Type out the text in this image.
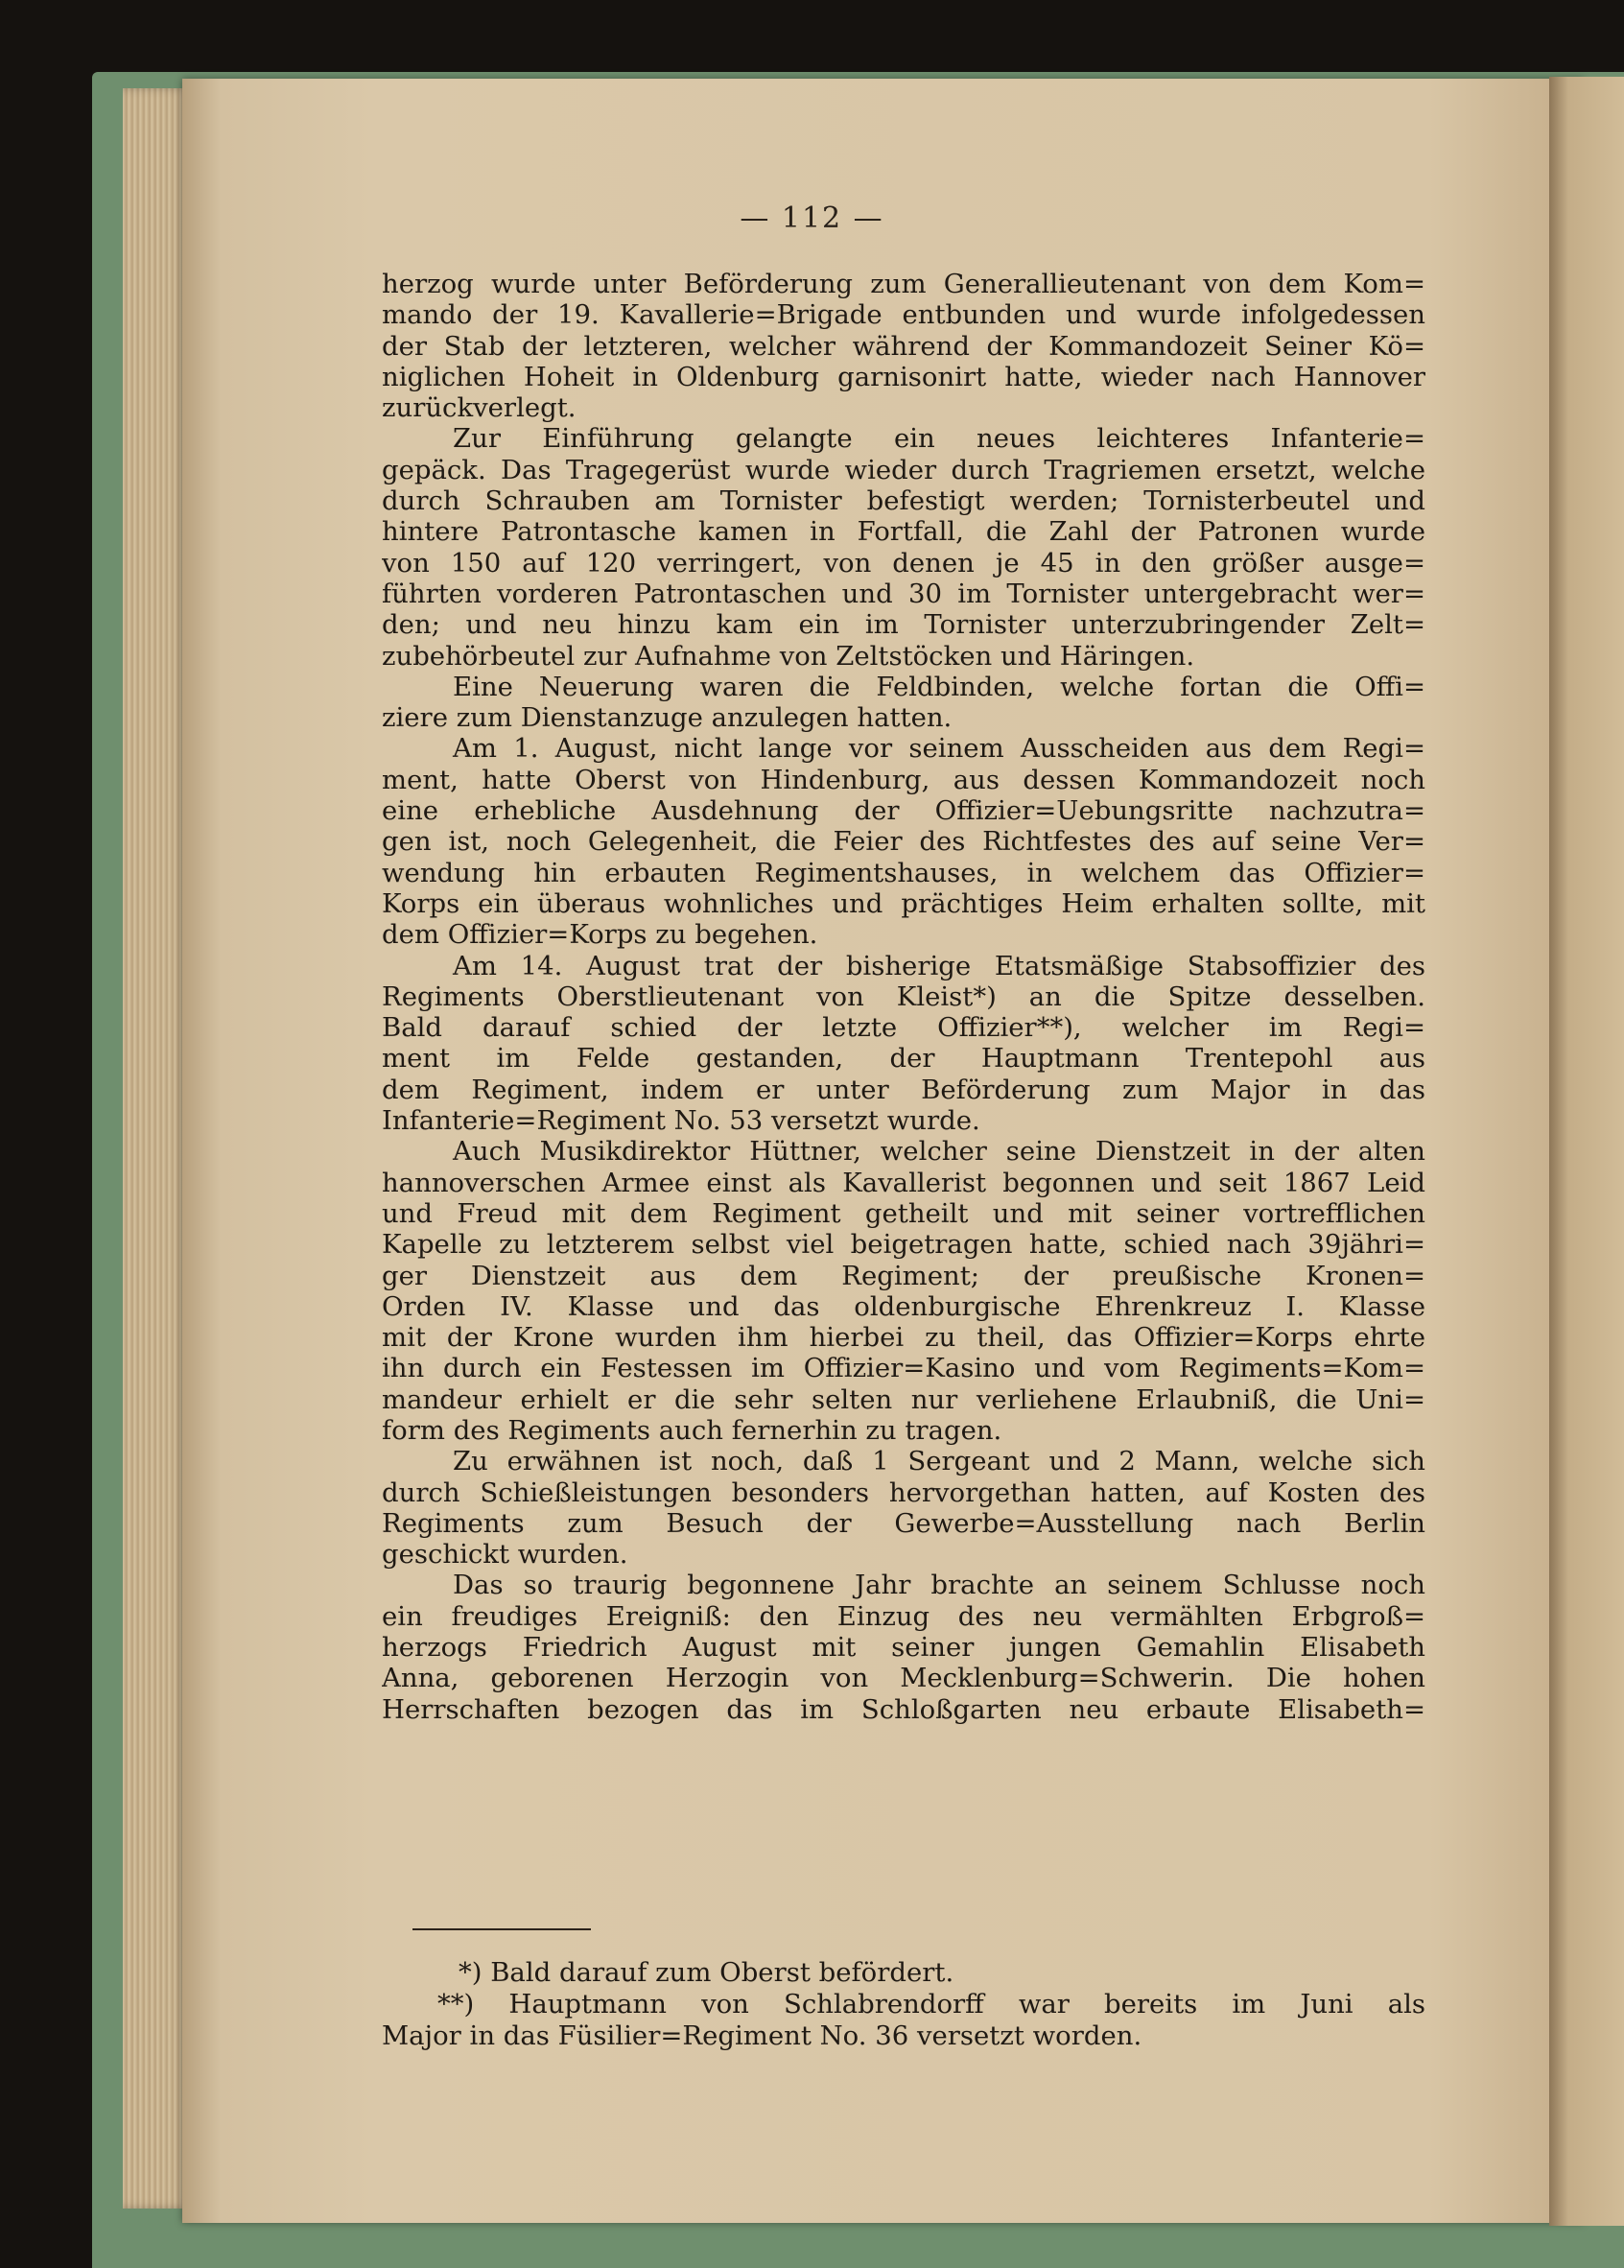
— 112 —
herzog wurde unter Beförderung zum Generallieutenant von dem Kom=
mando der 19. Kavallerie=Brigade entbunden und wurde infolgedessen
der Stab der letzteren, welcher während der Kommandozeit Seiner Kö=
niglichen Hoheit in Oldenburg garnisonirt hatte, wieder nach Hannover
zurückverlegt.
Zur Einführung gelangte ein neues leichteres Infanterie=
gepäck. Das Tragegerüst wurde wieder durch Tragriemen ersetzt, welche
durch Schrauben am Tornister befestigt werden; Tornisterbeutel und
hintere Patrontasche kamen in Fortfall, die Zahl der Patronen wurde
von 150 auf 120 verringert, von denen je 45 in den größer ausge=
führten vorderen Patrontaschen und 30 im Tornister untergebracht wer=
den; und neu hinzu kam ein im Tornister unterzubringender Zelt=
zubehörbeutel zur Aufnahme von Zeltstöcken und Häringen.
Eine Neuerung waren die Feldbinden, welche fortan die Offi=
ziere zum Dienstanzuge anzulegen hatten.
Am 1. August, nicht lange vor seinem Ausscheiden aus dem Regi=
ment, hatte Oberst von Hindenburg, aus dessen Kommandozeit noch
eine erhebliche Ausdehnung der Offizier=Uebungsritte nachzutra=
gen ist, noch Gelegenheit, die Feier des Richtfestes des auf seine Ver=
wendung hin erbauten Regimentshauses, in welchem das Offizier=
Korps ein überaus wohnliches und prächtiges Heim erhalten sollte, mit
dem Offizier=Korps zu begehen.
Am 14. August trat der bisherige Etatsmäßige Stabsoffizier des
Regiments Oberstlieutenant von Kleist*) an die Spitze desselben.
Bald darauf schied der letzte Offizier**), welcher im Regi=
ment im Felde gestanden, der Hauptmann Trentepohl aus
dem Regiment, indem er unter Beförderung zum Major in das
Infanterie=Regiment No. 53 versetzt wurde.
Auch Musikdirektor Hüttner, welcher seine Dienstzeit in der alten
hannoverschen Armee einst als Kavallerist begonnen und seit 1867 Leid
und Freud mit dem Regiment getheilt und mit seiner vortrefflichen
Kapelle zu letzterem selbst viel beigetragen hatte, schied nach 39jähri=
ger Dienstzeit aus dem Regiment; der preußische Kronen=
Orden IV. Klasse und das oldenburgische Ehrenkreuz I. Klasse
mit der Krone wurden ihm hierbei zu theil, das Offizier=Korps ehrte
ihn durch ein Festessen im Offizier=Kasino und vom Regiments=Kom=
mandeur erhielt er die sehr selten nur verliehene Erlaubniß, die Uni=
form des Regiments auch fernerhin zu tragen.
Zu erwähnen ist noch, daß 1 Sergeant und 2 Mann, welche sich
durch Schießleistungen besonders hervorgethan hatten, auf Kosten des
Regiments zum Besuch der Gewerbe=Ausstellung nach Berlin
geschickt wurden.
Das so traurig begonnene Jahr brachte an seinem Schlusse noch
ein freudiges Ereigniß: den Einzug des neu vermählten Erbgroß=
herzogs Friedrich August mit seiner jungen Gemahlin Elisabeth
Anna, geborenen Herzogin von Mecklenburg=Schwerin. Die hohen
Herrschaften bezogen das im Schloßgarten neu erbaute Elisabeth=
*) Bald darauf zum Oberst befördert.
**) Hauptmann von Schlabrendorff war bereits im Juni als
Major in das Füsilier=Regiment No. 36 versetzt worden.
